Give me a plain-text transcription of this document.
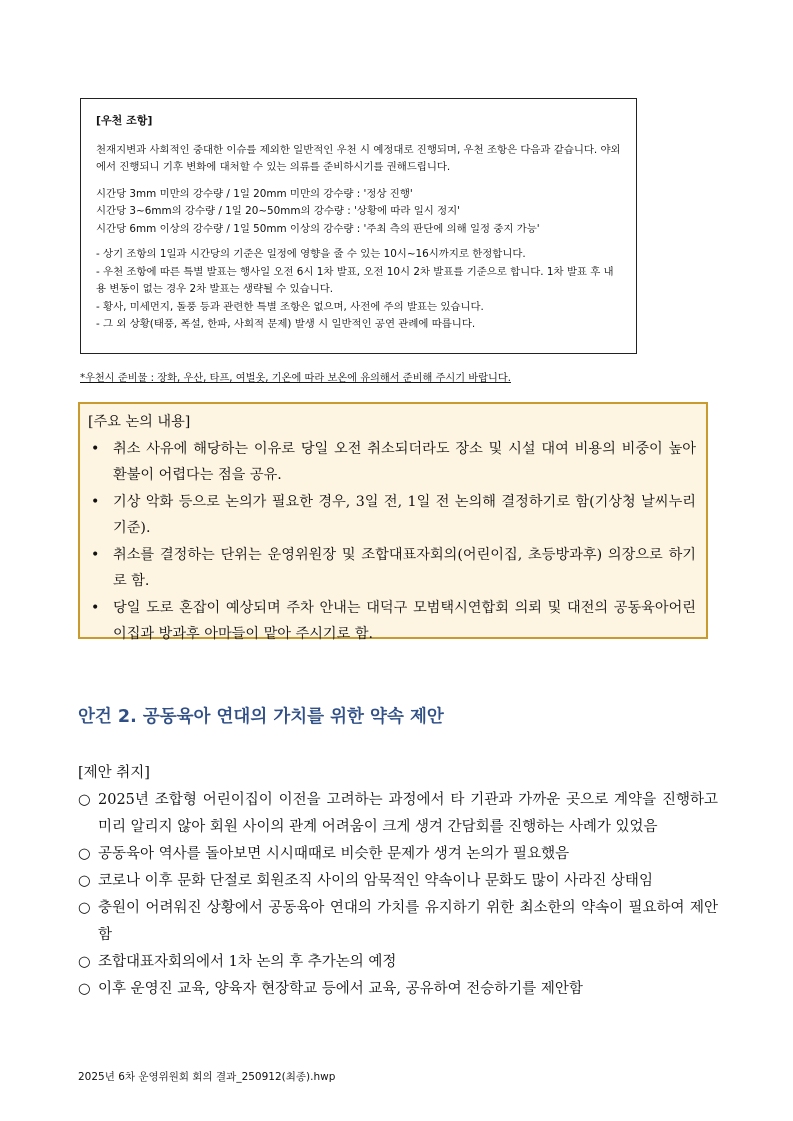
[우천 조항]
천재지변과 사회적인 중대한 이슈를 제외한 일반적인 우천 시 예정대로 진행되며, 우천 조항은 다음과 같습니다. 야외에서 진행되니 기후 변화에 대처할 수 있는 의류를 준비하시기를 권해드립니다.
시간당 3mm 미만의 강수량 / 1일 20mm 미만의 강수량 : '정상 진행'
시간당 3~6mm의 강수량 / 1일 20~50mm의 강수량 : '상황에 따라 일시 정지'
시간당 6mm 이상의 강수량 / 1일 50mm 이상의 강수량 : '주최 측의 판단에 의해 일정 중지 가능'
- 상기 조항의 1일과 시간당의 기준은 일정에 영향을 줄 수 있는 10시~16시까지로 한정합니다.
- 우천 조항에 따른 특별 발표는 행사일 오전 6시 1차 발표, 오전 10시 2차 발표를 기준으로 합니다. 1차 발표 후 내용 변동이 없는 경우 2차 발표는 생략될 수 있습니다.
- 황사, 미세먼지, 돌풍 등과 관련한 특별 조항은 없으며, 사전에 주의 발표는 있습니다.
- 그 외 상황(태풍, 폭설, 한파, 사회적 문제) 발생 시 일반적인 공연 관례에 따릅니다.
*우천시 준비물 : 장화, 우산, 타프, 여벌옷, 기온에 따라 보온에 유의해서 준비해 주시기 바랍니다.
[주요 논의 내용]
• 취소 사유에 해당하는 이유로 당일 오전 취소되더라도 장소 및 시설 대여 비용의 비중이 높아 환불이 어렵다는 점을 공유.
• 기상 악화 등으로 논의가 필요한 경우, 3일 전, 1일 전 논의해 결정하기로 함(기상청 날씨누리 기준).
• 취소를 결정하는 단위는 운영위원장 및 조합대표자회의(어린이집, 초등방과후) 의장으로 하기로 함.
• 당일 도로 혼잡이 예상되며 주차 안내는 대덕구 모범택시연합회 의뢰 및 대전의 공동육아어린이집과 방과후 아마들이 맡아 주시기로 함.
안건 2. 공동육아 연대의 가치를 위한 약속 제안
[제안 취지]
○ 2025년 조합형 어린이집이 이전을 고려하는 과정에서 타 기관과 가까운 곳으로 계약을 진행하고 미리 알리지 않아 회원 사이의 관계 어려움이 크게 생겨 간담회를 진행하는 사례가 있었음
○ 공동육아 역사를 돌아보면 시시때때로 비슷한 문제가 생겨 논의가 필요했음
○ 코로나 이후 문화 단절로 회원조직 사이의 암묵적인 약속이나 문화도 많이 사라진 상태임
○ 충원이 어려워진 상황에서 공동육아 연대의 가치를 유지하기 위한 최소한의 약속이 필요하여 제안함
○ 조합대표자회의에서 1차 논의 후 추가논의 예정
○ 이후 운영진 교육, 양육자 현장학교 등에서 교육, 공유하여 전승하기를 제안함
2025년 6차 운영위원회 회의 결과_250912(최종).hwp
